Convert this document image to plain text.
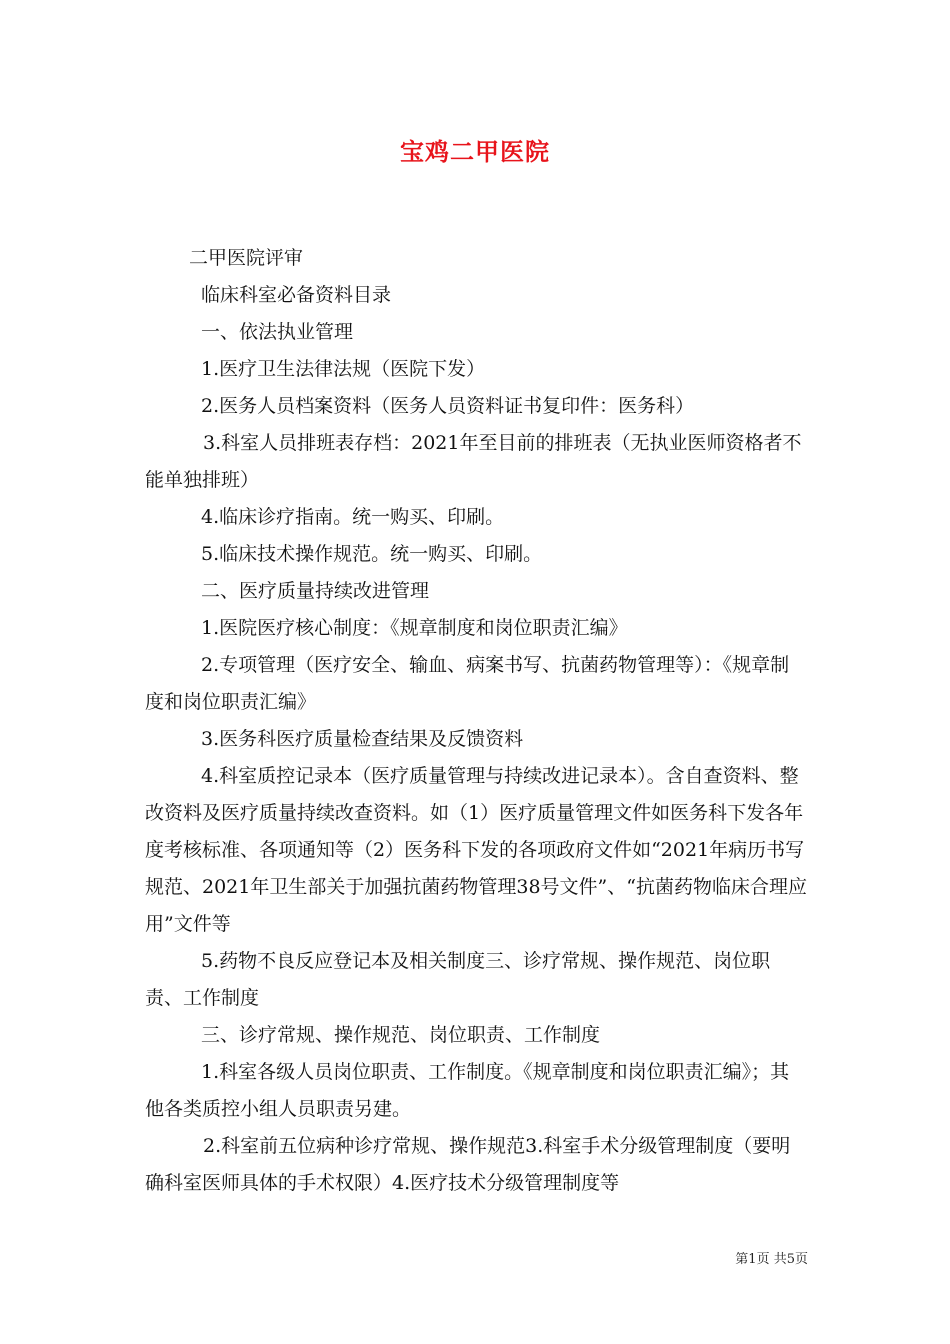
宝鸡二甲医院

二甲医院评审

临床科室必备资料目录

一、依法执业管理

1.医疗卫生法律法规（医院下发）

2.医务人员档案资料（医务人员资料证书复印件：医务科）

3.科室人员排班表存档：2021年至目前的排班表（无执业医师资格者不能单独排班）

4.临床诊疗指南。统一购买、印刷。

5.临床技术操作规范。统一购买、印刷。

二、医疗质量持续改进管理

1.医院医疗核心制度：《规章制度和岗位职责汇编》

2.专项管理（医疗安全、输血、病案书写、抗菌药物管理等）：《规章制度和岗位职责汇编》

3.医务科医疗质量检查结果及反馈资料

4.科室质控记录本（医疗质量管理与持续改进记录本）。含自查资料、整改资料及医疗质量持续改查资料。如（1）医疗质量管理文件如医务科下发各年度考核标准、各项通知等（2）医务科下发的各项政府文件如“2021年病历书写规范、2021年卫生部关于加强抗菌药物管理38号文件”、“抗菌药物临床合理应用”文件等

5.药物不良反应登记本及相关制度三、诊疗常规、操作规范、岗位职责、工作制度

三、诊疗常规、操作规范、岗位职责、工作制度

1.科室各级人员岗位职责、工作制度。《规章制度和岗位职责汇编》；其他各类质控小组人员职责另建。

2.科室前五位病种诊疗常规、操作规范3.科室手术分级管理制度（要明确科室医师具体的手术权限）4.医疗技术分级管理制度等

第1页 共5页
